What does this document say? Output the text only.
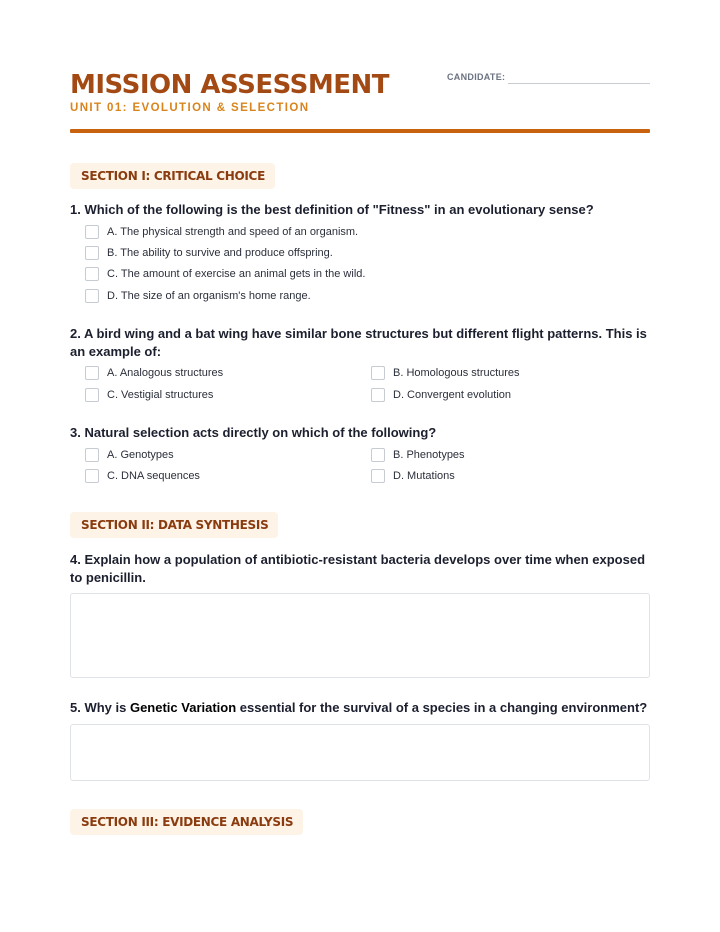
MISSION ASSESSMENT
UNIT 01: EVOLUTION & SELECTION
CANDIDATE:
SECTION I: CRITICAL CHOICE
1. Which of the following is the best definition of "Fitness" in an evolutionary sense?
A. The physical strength and speed of an organism.
B. The ability to survive and produce offspring.
C. The amount of exercise an animal gets in the wild.
D. The size of an organism's home range.
2. A bird wing and a bat wing have similar bone structures but different flight patterns. This is an example of:
A. Analogous structures	B. Homologous structures
C. Vestigial structures	D. Convergent evolution
3. Natural selection acts directly on which of the following?
A. Genotypes	B. Phenotypes
C. DNA sequences	D. Mutations
SECTION II: DATA SYNTHESIS
4. Explain how a population of antibiotic-resistant bacteria develops over time when exposed to penicillin.
5. Why is Genetic Variation essential for the survival of a species in a changing environment?
SECTION III: EVIDENCE ANALYSIS
